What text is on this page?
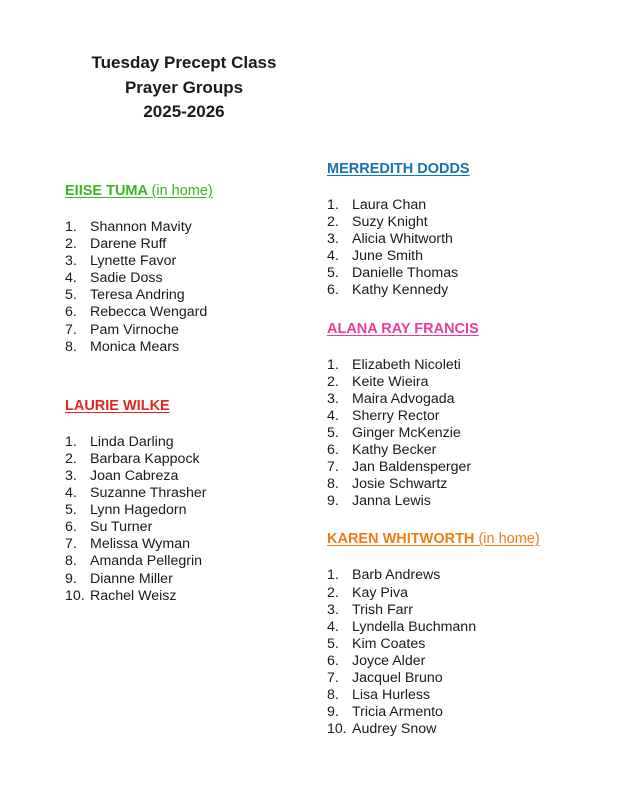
Tuesday Precept Class
Prayer Groups
2025-2026
EIISE TUMA (in home)
1. Shannon Mavity
2. Darene Ruff
3. Lynette Favor
4. Sadie Doss
5. Teresa Andring
6. Rebecca Wengard
7. Pam Virnoche
8. Monica Mears
LAURIE WILKE
1. Linda Darling
2. Barbara Kappock
3. Joan Cabreza
4. Suzanne Thrasher
5. Lynn Hagedorn
6. Su Turner
7. Melissa Wyman
8. Amanda Pellegrin
9. Dianne Miller
10. Rachel Weisz
MERREDITH DODDS
1. Laura Chan
2. Suzy Knight
3. Alicia Whitworth
4. June Smith
5. Danielle Thomas
6. Kathy Kennedy
ALANA RAY FRANCIS
1. Elizabeth Nicoleti
2. Keite Wieira
3. Maira Advogada
4. Sherry Rector
5. Ginger McKenzie
6. Kathy Becker
7. Jan Baldensperger
8. Josie Schwartz
9. Janna Lewis
KAREN WHITWORTH (in home)
1. Barb Andrews
2. Kay Piva
3. Trish Farr
4. Lyndella Buchmann
5. Kim Coates
6. Joyce Alder
7. Jacquel Bruno
8. Lisa Hurless
9. Tricia Armento
10. Audrey Snow
